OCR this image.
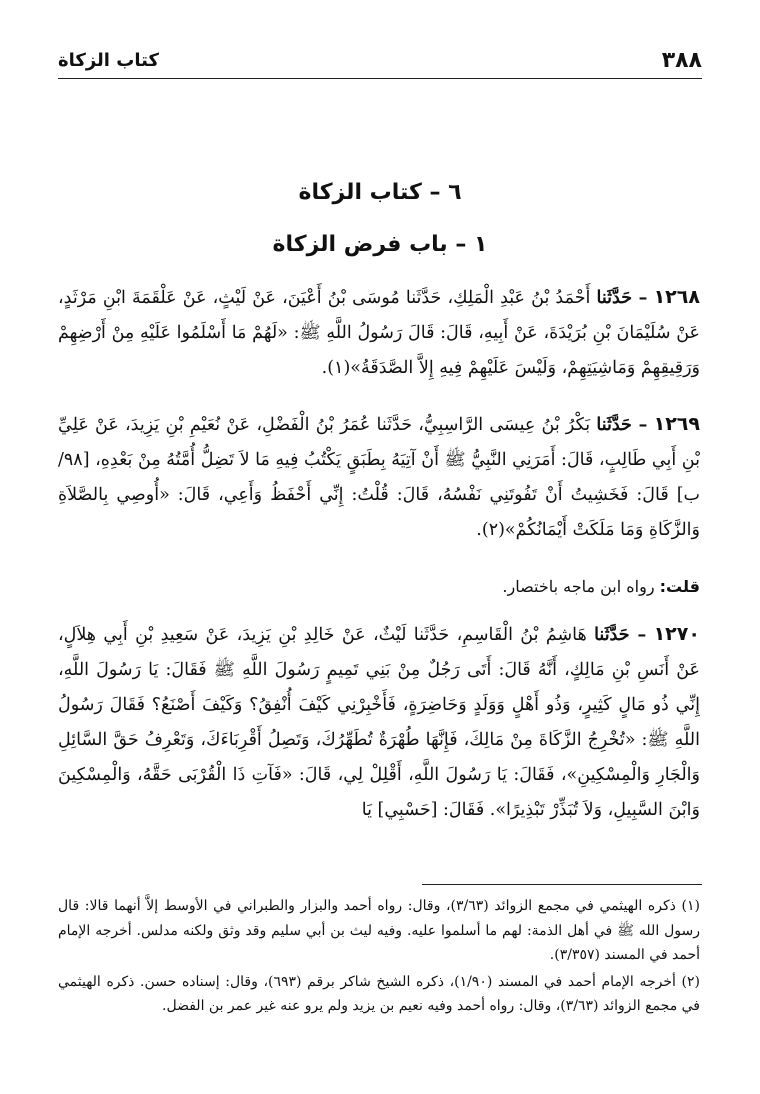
٣٨٨
كتاب الزكاة
٦ – كتاب الزكاة
١ – باب فرض الزكاة
١٢٦٨ – حَدَّثَنا أَحْمَدُ بْنُ عَبْدِ الْمَلِكِ، حَدَّثَنا مُوسَى بْنُ أَعْيَنَ، عَنْ لَيْثٍ، عَنْ عَلْقَمَةَ ابْنِ مَرْثَدٍ، عَنْ سُلَيْمَانَ بْنِ بُرَيْدَةَ، عَنْ أَبِيهِ، قَالَ: قَالَ رَسُولُ اللَّهِ ﷺ: «لَهُمْ مَا أَسْلَمُوا عَلَيْهِ مِنْ أَرْضِهِمْ وَرَقِيقِهِمْ وَمَاشِيَتِهِمْ، وَلَيْسَ عَلَيْهِمْ فِيهِ إِلاَّ الصَّدَقَةُ»(١).
١٢٦٩ – حَدَّثَنا بَكْرُ بْنُ عِيسَى الرَّاسِبِيُّ، حَدَّثَنا عُمَرُ بْنُ الْفَضْلِ، عَنْ نُعَيْمِ بْنِ يَزِيدَ، عَنْ عَلِيِّ بْنِ أَبِي طَالِبٍ، قَالَ: أَمَرَنِي النَّبِيُّ ﷺ أَنْ آتِيَهُ بِطَبَقٍ يَكْتُبُ فِيهِ مَا لاَ تَضِلُّ أُمَّتُهُ مِنْ بَعْدِهِ، [٩٨/ب] قَالَ: فَخَشِيتُ أَنْ تَفُوتَنِي نَفْسُهُ، قَالَ: قُلْتُ: إِنِّي أَحْفَظُ وَأَعِي، قَالَ: «أُوصِي بِالصَّلاَةِ وَالزَّكَاةِ وَمَا مَلَكَتْ أَيْمَانُكُمْ»(٢).
قلت: رواه ابن ماجه باختصار.
١٢٧٠ – حَدَّثَنا هَاشِمُ بْنُ الْقَاسِمِ، حَدَّثَنا لَيْثٌ، عَنْ خَالِدِ بْنِ يَزِيدَ، عَنْ سَعِيدِ بْنِ أَبِي هِلاَلٍ، عَنْ أَنَسِ بْنِ مَالِكٍ، أَنَّهُ قَالَ: أَتَى رَجُلٌ مِنْ بَنِي تَمِيمٍ رَسُولَ اللَّهِ ﷺ فَقَالَ: يَا رَسُولَ اللَّهِ، إِنِّي ذُو مَالٍ كَثِيرٍ، وَذُو أَهْلٍ وَوَلَدٍ وَحَاضِرَةٍ، فَأَخْبِرْنِي كَيْفَ أُنْفِقُ؟ وَكَيْفَ أَصْنَعُ؟ فَقَالَ رَسُولُ اللَّهِ ﷺ: «تُخْرِجُ الزَّكَاةَ مِنْ مَالِكَ، فَإِنَّهَا طُهْرَةٌ تُطَهِّرُكَ، وَتَصِلُ أَقْرِبَاءَكَ، وَتَعْرِفُ حَقَّ السَّائِلِ وَالْجَارِ وَالْمِسْكِينِ»، فَقَالَ: يَا رَسُولَ اللَّهِ، أَقْلِلْ لِي، قَالَ: «فَآتِ ذَا الْقُرْبَى حَقَّهُ، وَالْمِسْكِينَ وَابْنَ السَّبِيلِ، وَلاَ تُبَذِّرْ تَبْذِيرًا». فَقَالَ: [حَسْبِي] يَا

(١) ذكره الهيثمي في مجمع الزوائد (٣/٦٣)، وقال: رواه أحمد والبزار والطبراني في الأوسط إلاَّ أنهما قالا: قال رسول الله ﷺ في أهل الذمة: لهم ما أسلموا عليه. وفيه ليث بن أبي سليم وقد وثق ولكنه مدلس. أخرجه الإمام أحمد في المسند (٣/٣٥٧).

(٢) أخرجه الإمام أحمد في المسند (١/٩٠)، ذكره الشيخ شاكر برقم (٦٩٣)، وقال: إسناده حسن. ذكره الهيثمي في مجمع الزوائد (٣/٦٣)، وقال: رواه أحمد وفيه نعيم بن يزيد ولم يرو عنه غير عمر بن الفضل.
